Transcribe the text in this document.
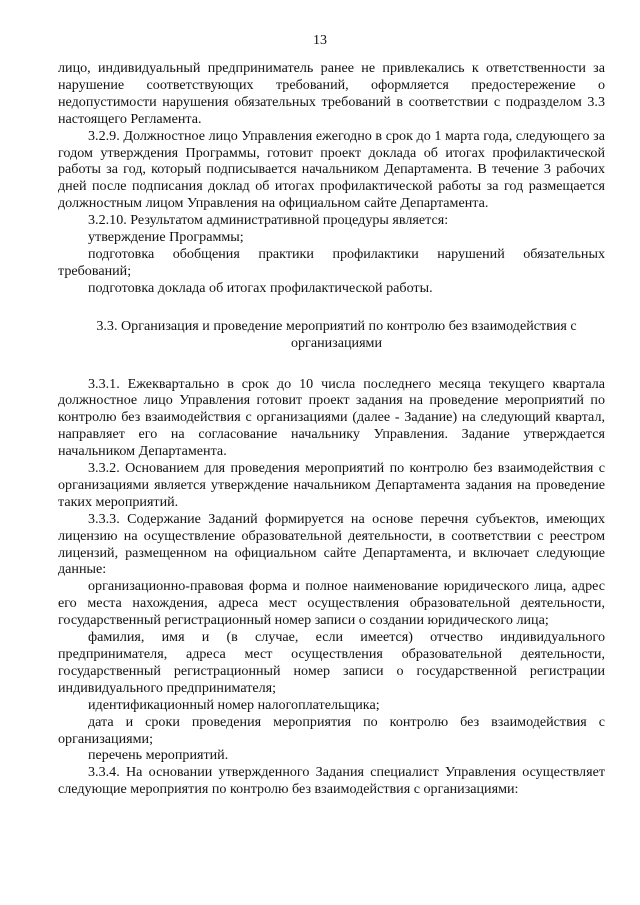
13

лицо, индивидуальный предприниматель ранее не привлекались к ответственности за нарушение соответствующих требований, оформляется предостережение о недопустимости нарушения обязательных требований в соответствии с подразделом 3.3 настоящего Регламента.

3.2.9. Должностное лицо Управления ежегодно в срок до 1 марта года, следующего за годом утверждения Программы, готовит проект доклада об итогах профилактической работы за год, который подписывается начальником Департамента. В течение 3 рабочих дней после подписания доклад об итогах профилактической работы за год размещается должностным лицом Управления на официальном сайте Департамента.

3.2.10. Результатом административной процедуры является:

утверждение Программы;

подготовка обобщения практики профилактики нарушений обязательных требований;

подготовка доклада об итогах профилактической работы.

3.3. Организация и проведение мероприятий по контролю без взаимодействия с организациями

3.3.1. Ежеквартально в срок до 10 числа последнего месяца текущего квартала должностное лицо Управления готовит проект задания на проведение мероприятий по контролю без взаимодействия с организациями (далее - Задание) на следующий квартал, направляет его на согласование начальнику Управления. Задание утверждается начальником Департамента.

3.3.2. Основанием для проведения мероприятий по контролю без взаимодействия с организациями является утверждение начальником Департамента задания на проведение таких мероприятий.

3.3.3. Содержание Заданий формируется на основе перечня субъектов, имеющих лицензию на осуществление образовательной деятельности, в соответствии с реестром лицензий, размещенном на официальном сайте Департамента, и включает следующие данные:

организационно-правовая форма и полное наименование юридического лица, адрес его места нахождения, адреса мест осуществления образовательной деятельности, государственный регистрационный номер записи о создании юридического лица;

фамилия, имя и (в случае, если имеется) отчество индивидуального предпринимателя, адреса мест осуществления образовательной деятельности, государственный регистрационный номер записи о государственной регистрации индивидуального предпринимателя;

идентификационный номер налогоплательщика;

дата и сроки проведения мероприятия по контролю без взаимодействия с организациями;

перечень мероприятий.

3.3.4. На основании утвержденного Задания специалист Управления осуществляет следующие мероприятия по контролю без взаимодействия с организациями:
